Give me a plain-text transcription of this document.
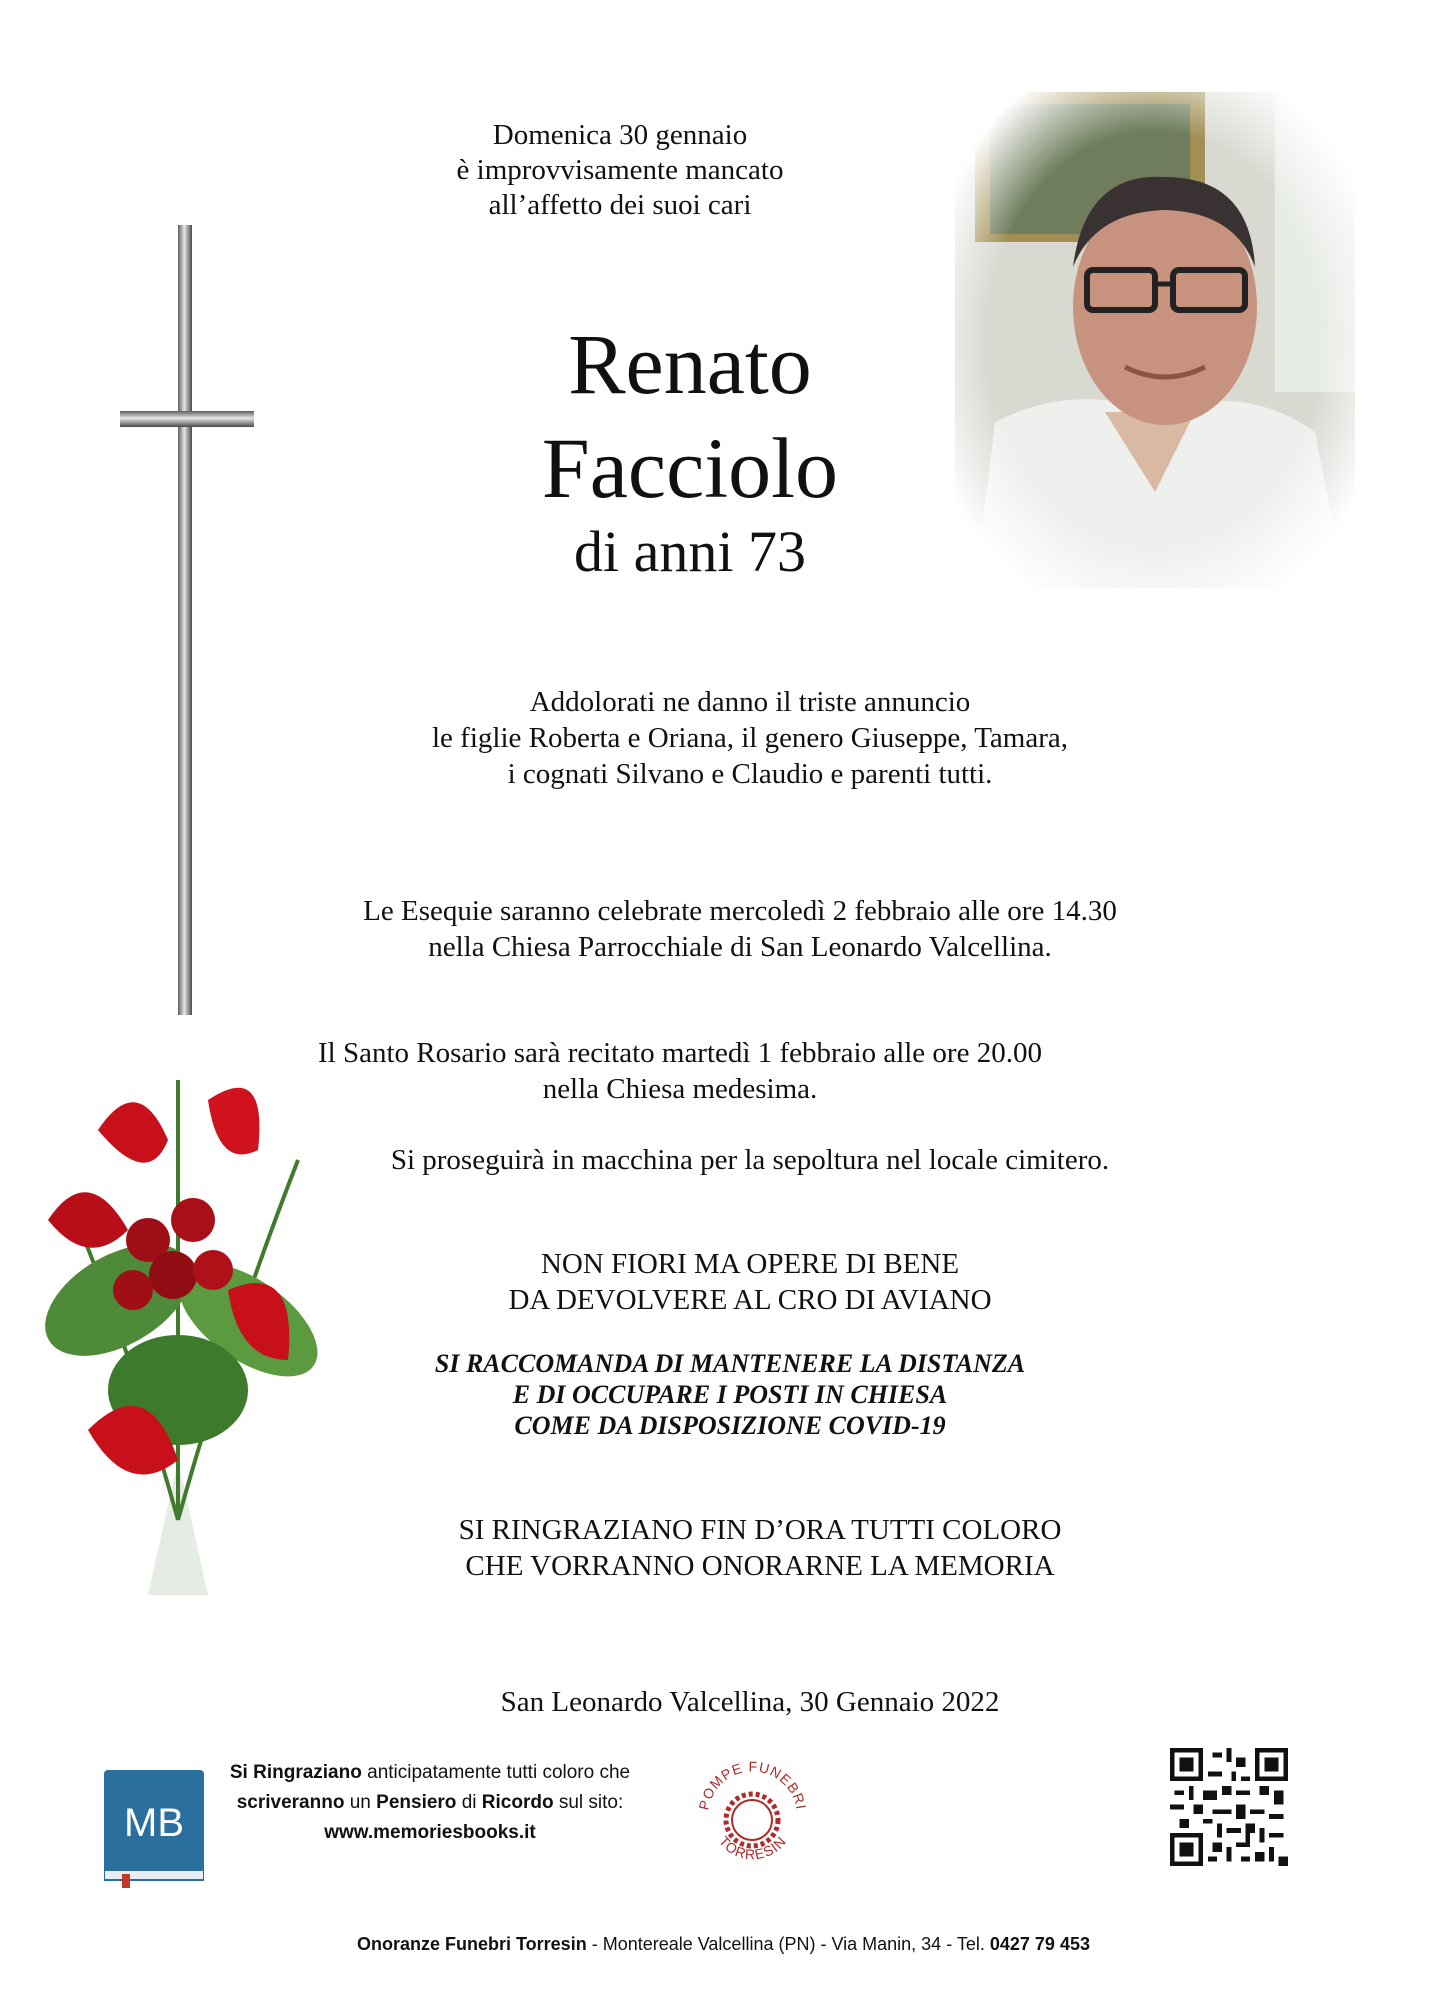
Domenica 30 gennaio
è improvvisamente mancato
all’affetto dei suoi cari
Renato
Facciolo
di anni 73
Addolorati ne danno il triste annuncio
le figlie Roberta e Oriana, il genero Giuseppe, Tamara,
i cognati Silvano e Claudio e parenti tutti.
Le Esequie saranno celebrate mercoledì 2 febbraio alle ore 14.30
nella Chiesa Parrocchiale di San Leonardo Valcellina.
Il Santo Rosario sarà recitato martedì 1 febbraio alle ore 20.00
nella Chiesa medesima.
Si proseguirà in macchina per la sepoltura nel locale cimitero.
NON FIORI MA OPERE DI BENE
DA DEVOLVERE AL CRO DI AVIANO
SI RACCOMANDA DI MANTENERE LA DISTANZA
E DI OCCUPARE I POSTI IN CHIESA
COME DA DISPOSIZIONE COVID-19
SI RINGRAZIANO FIN D’ORA TUTTI COLORO
CHE VORRANNO ONORARNE LA MEMORIA
San Leonardo Valcellina, 30 Gennaio 2022
MB
Si Ringraziano anticipatamente tutti coloro che
scriveranno un Pensiero di Ricordo sul sito:
www.memoriesbooks.it
POMPE FUNEBRI
TORRESIN
Onoranze Funebri Torresin - Montereale Valcellina (PN) - Via Manin, 34 - Tel. 0427 79 453
